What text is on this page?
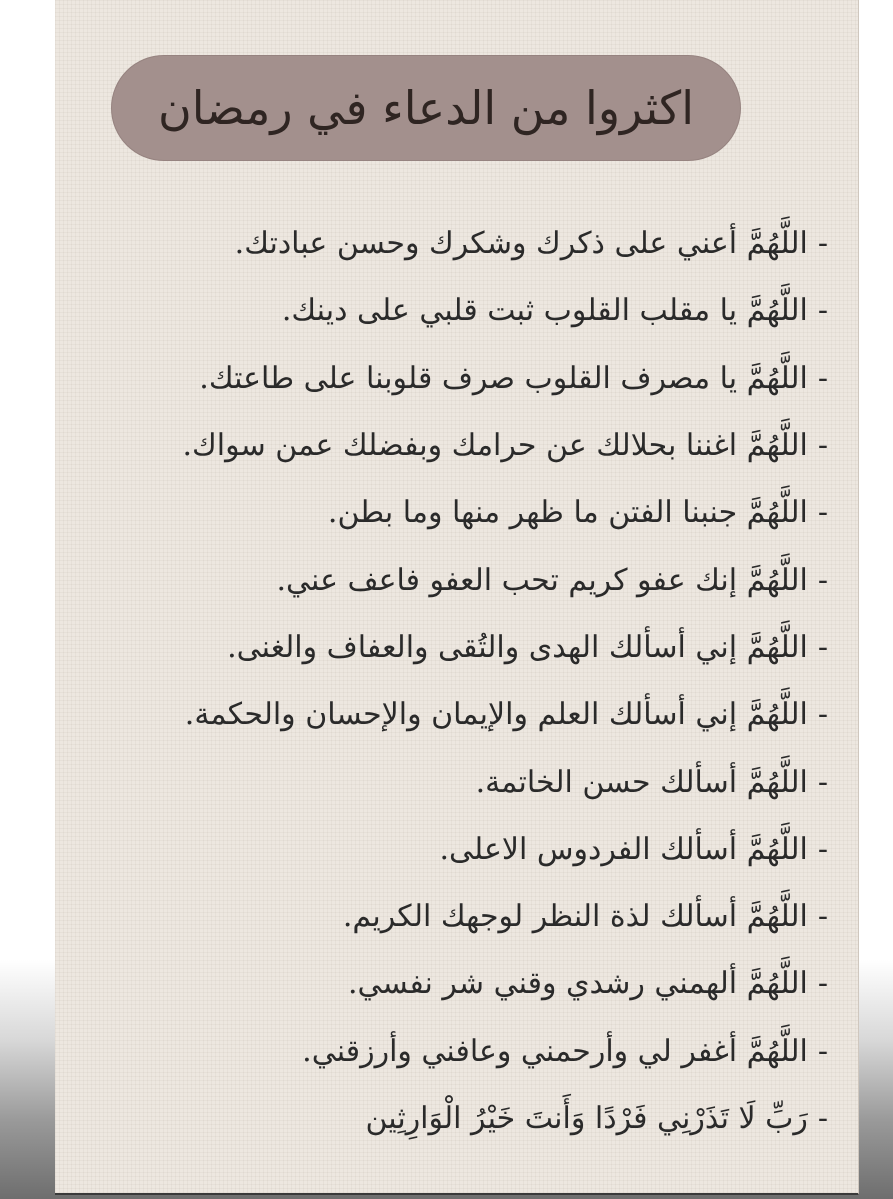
اكثروا من الدعاء في رمضان
-
اللَّهُمَّ أعني على ذكرك وشكرك وحسن عبادتك.
-
اللَّهُمَّ يا مقلب القلوب ثبت قلبي على دينك.
-
اللَّهُمَّ يا مصرف القلوب صرف قلوبنا على طاعتك.
-
اللَّهُمَّ اغننا بحلالك عن حرامك وبفضلك عمن سواك.
-
اللَّهُمَّ جنبنا الفتن ما ظهر منها وما بطن.
-
اللَّهُمَّ إنك عفو كريم تحب العفو فاعف عني.
-
اللَّهُمَّ إني أسألك الهدى والتُقى والعفاف والغنى.
-
اللَّهُمَّ إني أسألك العلم والإيمان والإحسان والحكمة.
-
اللَّهُمَّ أسألك حسن الخاتمة.
-
اللَّهُمَّ أسألك الفردوس الاعلى.
-
اللَّهُمَّ أسألك لذة النظر لوجهك الكريم.
-
اللَّهُمَّ ألهمني رشدي وقني شر نفسي.
-
اللَّهُمَّ أغفر لي وأرحمني وعافني وأرزقني.
-
رَبِّ لَا تَذَرْنِي فَرْدًا وَأَنتَ خَيْرُ الْوَارِثِين
